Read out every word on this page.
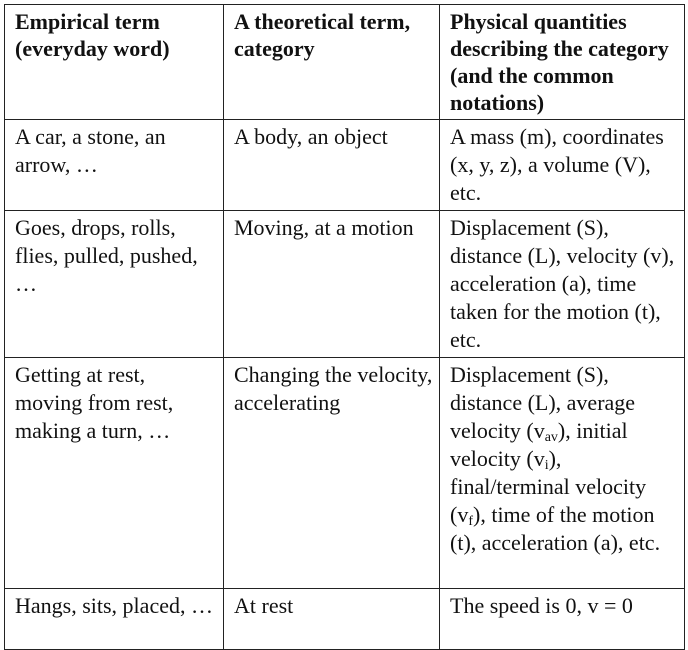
Empirical term (everyday word)	A theoretical term, category	Physical quantities describing the category (and the common notations)
A car, a stone, an arrow, …	A body, an object	A mass (m), coordinates (x, y, z), a volume (V), etc.
Goes, drops, rolls, flies, pulled, pushed, …	Moving, at a motion	Displacement (S), distance (L), velocity (v), acceleration (a), time taken for the motion (t), etc.
Getting at rest, moving from rest, making a turn, …	Changing the velocity, accelerating	Displacement (S), distance (L), average velocity $(v_{av})$, initial velocity $(v_i)$, final/terminal velocity $(v_f)$, time of the motion (t), acceleration (a), etc.
Hangs, sits, placed, …	At rest	The speed is 0, v = 0
